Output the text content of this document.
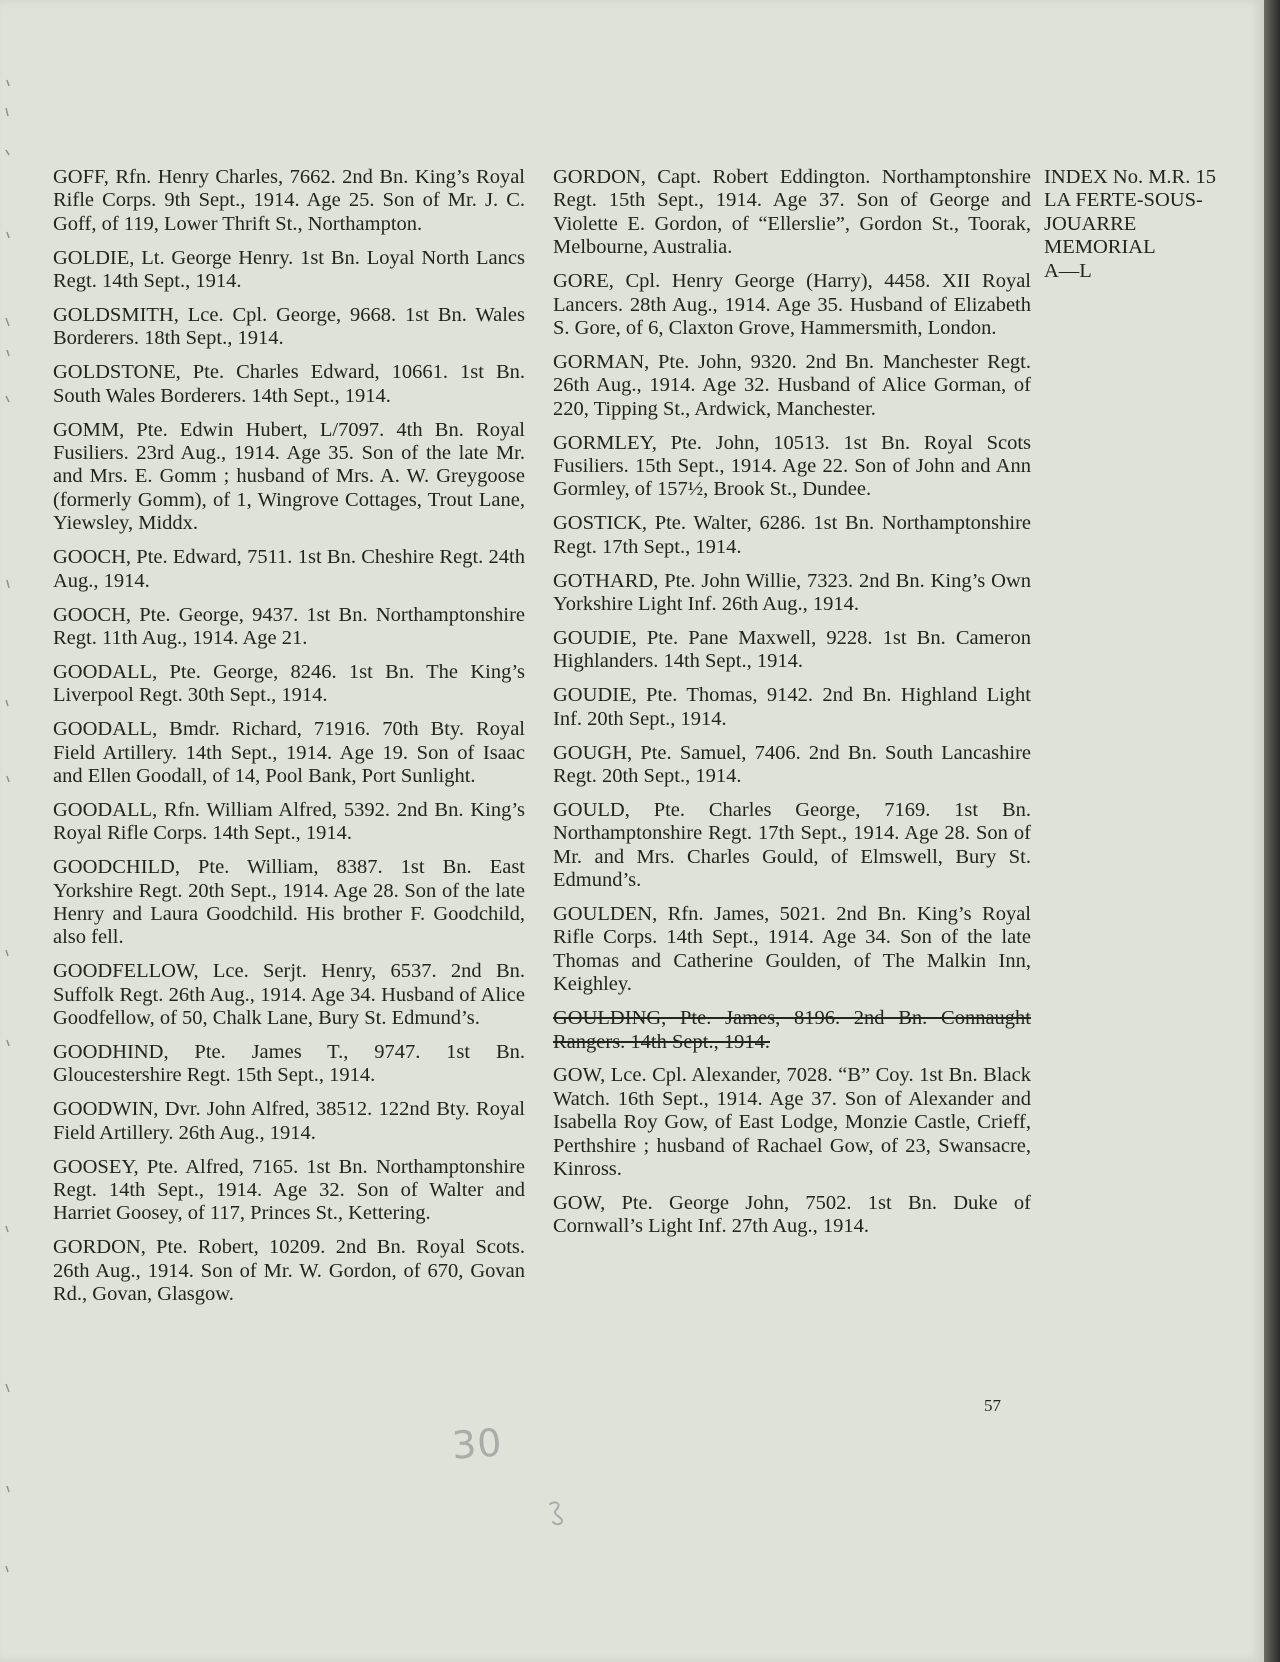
GOFF, Rfn. Henry Charles, 7662. 2nd Bn. King’s Royal Rifle Corps. 9th Sept., 1914. Age 25. Son of Mr. J. C. Goff, of 119, Lower Thrift St., Northampton.

GOLDIE, Lt. George Henry. 1st Bn. Loyal North Lancs Regt. 14th Sept., 1914.

GOLDSMITH, Lce. Cpl. George, 9668. 1st Bn. Wales Borderers. 18th Sept., 1914.

GOLDSTONE, Pte. Charles Edward, 10661. 1st Bn. South Wales Borderers. 14th Sept., 1914.

GOMM, Pte. Edwin Hubert, L/7097. 4th Bn. Royal Fusiliers. 23rd Aug., 1914. Age 35. Son of the late Mr. and Mrs. E. Gomm ; husband of Mrs. A. W. Greygoose (formerly Gomm), of 1, Wingrove Cottages, Trout Lane, Yiewsley, Middx.

GOOCH, Pte. Edward, 7511. 1st Bn. Cheshire Regt. 24th Aug., 1914.

GOOCH, Pte. George, 9437. 1st Bn. Northamptonshire Regt. 11th Aug., 1914. Age 21.

GOODALL, Pte. George, 8246. 1st Bn. The King’s Liverpool Regt. 30th Sept., 1914.

GOODALL, Bmdr. Richard, 71916. 70th Bty. Royal Field Artillery. 14th Sept., 1914. Age 19. Son of Isaac and Ellen Goodall, of 14, Pool Bank, Port Sunlight.

GOODALL, Rfn. William Alfred, 5392. 2nd Bn. King’s Royal Rifle Corps. 14th Sept., 1914.

GOODCHILD, Pte. William, 8387. 1st Bn. East Yorkshire Regt. 20th Sept., 1914. Age 28. Son of the late Henry and Laura Goodchild. His brother F. Goodchild, also fell.

GOODFELLOW, Lce. Serjt. Henry, 6537. 2nd Bn. Suffolk Regt. 26th Aug., 1914. Age 34. Husband of Alice Goodfellow, of 50, Chalk Lane, Bury St. Edmund’s.

GOODHIND, Pte. James T., 9747. 1st Bn. Gloucestershire Regt. 15th Sept., 1914.

GOODWIN, Dvr. John Alfred, 38512. 122nd Bty. Royal Field Artillery. 26th Aug., 1914.

GOOSEY, Pte. Alfred, 7165. 1st Bn. Northamptonshire Regt. 14th Sept., 1914. Age 32. Son of Walter and Harriet Goosey, of 117, Princes St., Kettering.

GORDON, Pte. Robert, 10209. 2nd Bn. Royal Scots. 26th Aug., 1914. Son of Mr. W. Gordon, of 670, Govan Rd., Govan, Glasgow.

GORDON, Capt. Robert Eddington. Northamptonshire Regt. 15th Sept., 1914. Age 37. Son of George and Violette E. Gordon, of “Ellerslie”, Gordon St., Toorak, Melbourne, Australia.

GORE, Cpl. Henry George (Harry), 4458. XII Royal Lancers. 28th Aug., 1914. Age 35. Husband of Elizabeth S. Gore, of 6, Claxton Grove, Hammersmith, London.

GORMAN, Pte. John, 9320. 2nd Bn. Manchester Regt. 26th Aug., 1914. Age 32. Husband of Alice Gorman, of 220, Tipping St., Ardwick, Manchester.

GORMLEY, Pte. John, 10513. 1st Bn. Royal Scots Fusiliers. 15th Sept., 1914. Age 22. Son of John and Ann Gormley, of 157½, Brook St., Dundee.

GOSTICK, Pte. Walter, 6286. 1st Bn. Northamptonshire Regt. 17th Sept., 1914.

GOTHARD, Pte. John Willie, 7323. 2nd Bn. King’s Own Yorkshire Light Inf. 26th Aug., 1914.

GOUDIE, Pte. Pane Maxwell, 9228. 1st Bn. Cameron Highlanders. 14th Sept., 1914.

GOUDIE, Pte. Thomas, 9142. 2nd Bn. Highland Light Inf. 20th Sept., 1914.

GOUGH, Pte. Samuel, 7406. 2nd Bn. South Lancashire Regt. 20th Sept., 1914.

GOULD, Pte. Charles George, 7169. 1st Bn. Northamptonshire Regt. 17th Sept., 1914. Age 28. Son of Mr. and Mrs. Charles Gould, of Elmswell, Bury St. Edmund’s.

GOULDEN, Rfn. James, 5021. 2nd Bn. King’s Royal Rifle Corps. 14th Sept., 1914. Age 34. Son of the late Thomas and Catherine Goulden, of The Malkin Inn, Keighley.

GOULDING, Pte. James, 8196. 2nd Bn. Connaught Rangers. 14th Sept., 1914.

GOW, Lce. Cpl. Alexander, 7028. “B” Coy. 1st Bn. Black Watch. 16th Sept., 1914. Age 37. Son of Alexander and Isabella Roy Gow, of East Lodge, Monzie Castle, Crieff, Perthshire ; husband of Rachael Gow, of 23, Swansacre, Kinross.

GOW, Pte. George John, 7502. 1st Bn. Duke of Cornwall’s Light Inf. 27th Aug., 1914.

INDEX No. M.R. 15
LA FERTE-SOUS-
JOUARRE
MEMORIAL
A—L
57
30
